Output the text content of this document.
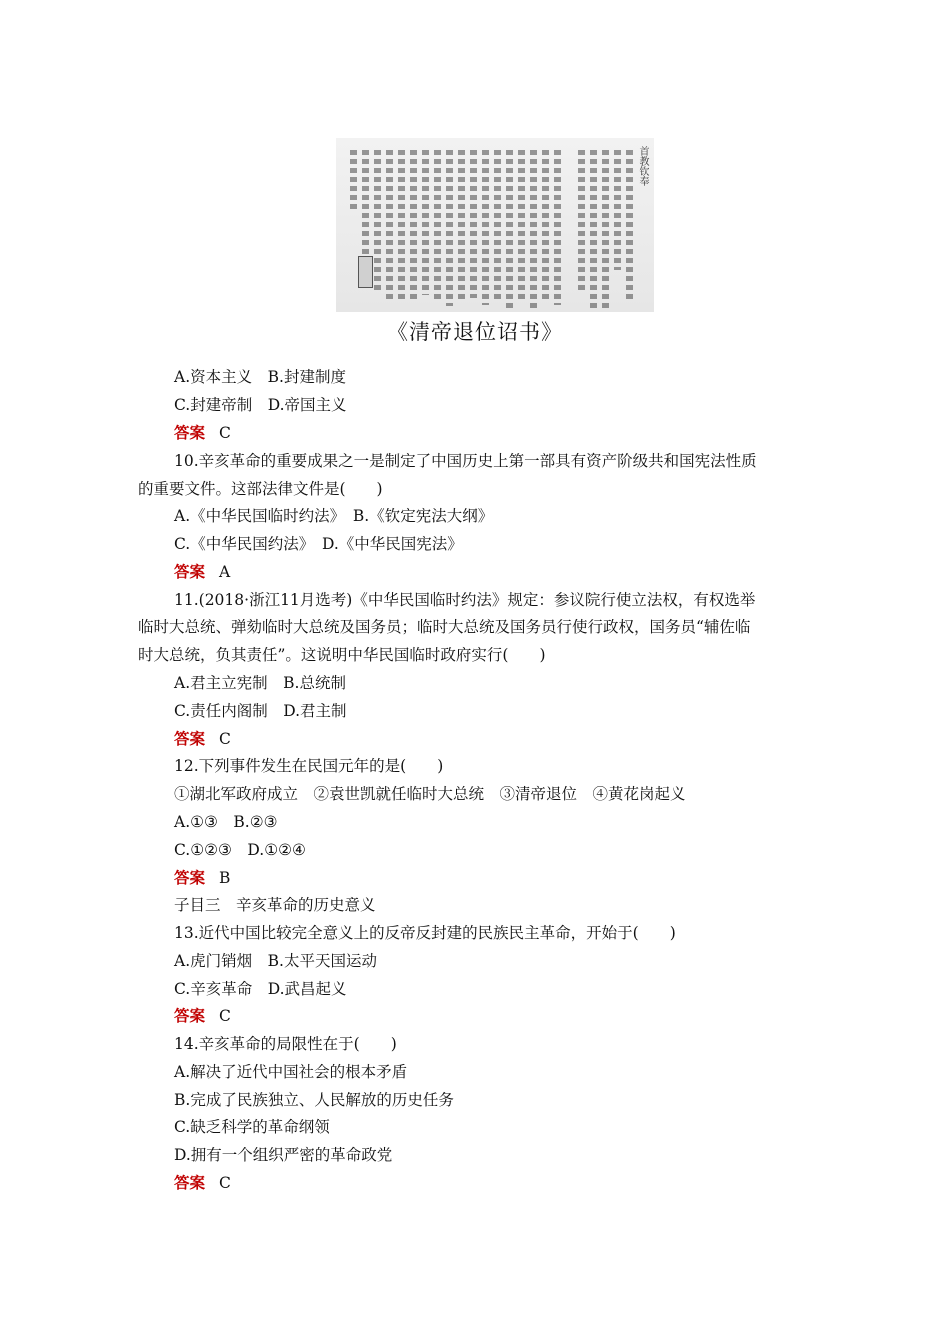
首教钦奉
《清帝退位诏书》
A.资本主义　B.封建制度
C.封建帝制　D.帝国主义
答案 C
10.辛亥革命的重要成果之一是制定了中国历史上第一部具有资产阶级共和国宪法性质
的重要文件。这部法律文件是(　　)
A.《中华民国临时约法》　B.《钦定宪法大纲》
C.《中华民国约法》　D.《中华民国宪法》
答案 A
11.(2018·浙江11月选考)《中华民国临时约法》规定：参议院行使立法权，有权选举
临时大总统、弹劾临时大总统及国务员；临时大总统及国务员行使行政权，国务员“辅佐临
时大总统，负其责任”。这说明中华民国临时政府实行(　　)
A.君主立宪制　B.总统制
C.责任内阁制　D.君主制
答案 C
12.下列事件发生在民国元年的是(　　)
①湖北军政府成立　②袁世凯就任临时大总统　③清帝退位　④黄花岗起义
A.①③　B.②③
C.①②③　D.①②④
答案 B
子目三　辛亥革命的历史意义
13.近代中国比较完全意义上的反帝反封建的民族民主革命，开始于(　　)
A.虎门销烟　B.太平天国运动
C.辛亥革命　D.武昌起义
答案 C
14.辛亥革命的局限性在于(　　)
A.解决了近代中国社会的根本矛盾
B.完成了民族独立、人民解放的历史任务
C.缺乏科学的革命纲领
D.拥有一个组织严密的革命政党
答案 C
